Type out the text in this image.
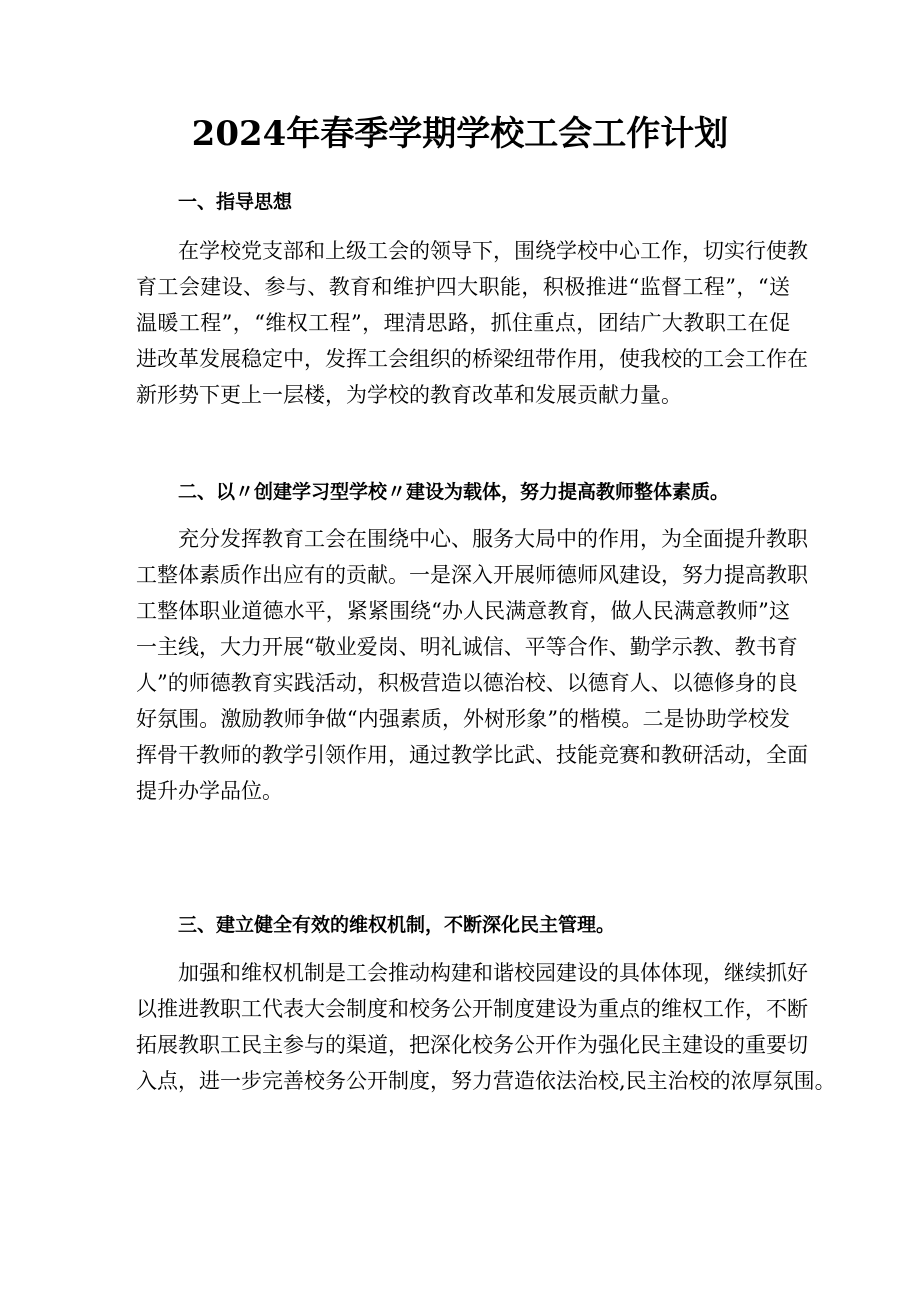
2024年春季学期学校工会工作计划
一、指导思想
在学校党支部和上级工会的领导下，围绕学校中心工作，切实行使教
育工会建设、参与、教育和维护四大职能，积极推进“监督工程”，“送
温暖工程”，“维权工程”，理清思路，抓住重点，团结广大教职工在促
进改革发展稳定中，发挥工会组织的桥梁纽带作用，使我校的工会工作在
新形势下更上一层楼，为学校的教育改革和发展贡献力量。
二、以〃创建学习型学校〃建设为载体，努力提高教师整体素质。
充分发挥教育工会在围绕中心、服务大局中的作用，为全面提升教职
工整体素质作出应有的贡献。一是深入开展师德师风建设，努力提高教职
工整体职业道德水平，紧紧围绕“办人民满意教育，做人民满意教师”这
一主线，大力开展“敬业爱岗、明礼诚信、平等合作、勤学示教、教书育
人”的师德教育实践活动，积极营造以德治校、以德育人、以德修身的良
好氛围。激励教师争做“内强素质，外树形象”的楷模。二是协助学校发
挥骨干教师的教学引领作用，通过教学比武、技能竞赛和教研活动，全面
提升办学品位。
三、建立健全有效的维权机制，不断深化民主管理。
加强和维权机制是工会推动构建和谐校园建设的具体体现，继续抓好
以推进教职工代表大会制度和校务公开制度建设为重点的维权工作，不断
拓展教职工民主参与的渠道，把深化校务公开作为强化民主建设的重要切
入点，进一步完善校务公开制度，努力营造依法治校,民主治校的浓厚氛围。
